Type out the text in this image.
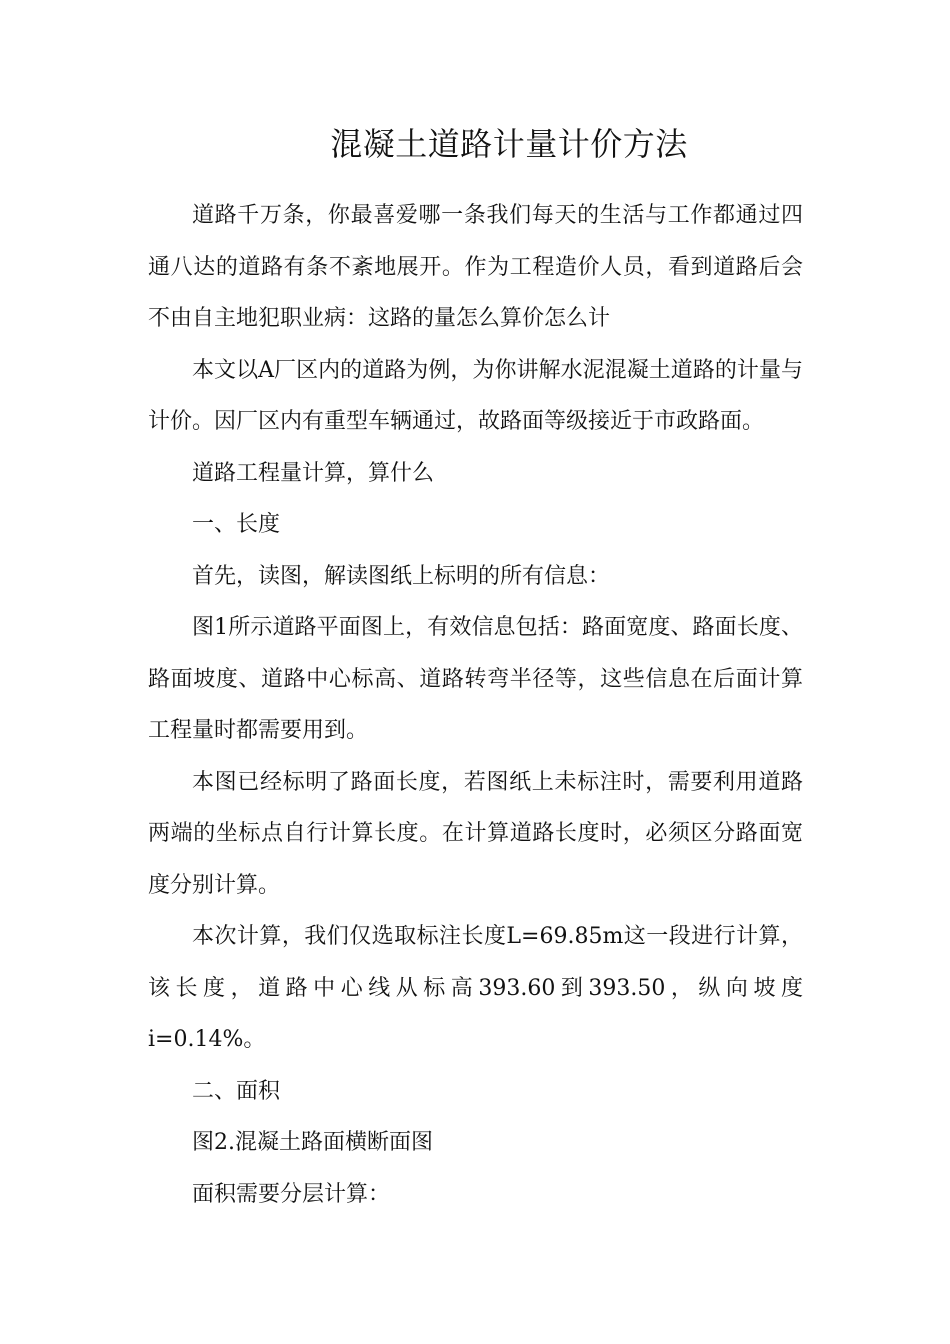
混凝土道路计量计价方法

道路千万条，你最喜爱哪一条我们每天的生活与工作都通过四通八达的道路有条不紊地展开。作为工程造价人员，看到道路后会不由自主地犯职业病：这路的量怎么算价怎么计

本文以A厂区内的道路为例，为你讲解水泥混凝土道路的计量与计价。因厂区内有重型车辆通过，故路面等级接近于市政路面。

道路工程量计算，算什么

一、长度

首先，读图，解读图纸上标明的所有信息：

图1所示道路平面图上，有效信息包括：路面宽度、路面长度、路面坡度、道路中心标高、道路转弯半径等，这些信息在后面计算工程量时都需要用到。

本图已经标明了路面长度，若图纸上未标注时，需要利用道路两端的坐标点自行计算长度。在计算道路长度时，必须区分路面宽度分别计算。

本次计算，我们仅选取标注长度L=69.85m这一段进行计算，该长度，道路中心线从标高393.60到393.50，纵向坡度i=0.14%。

二、面积

图2.混凝土路面横断面图

面积需要分层计算：
